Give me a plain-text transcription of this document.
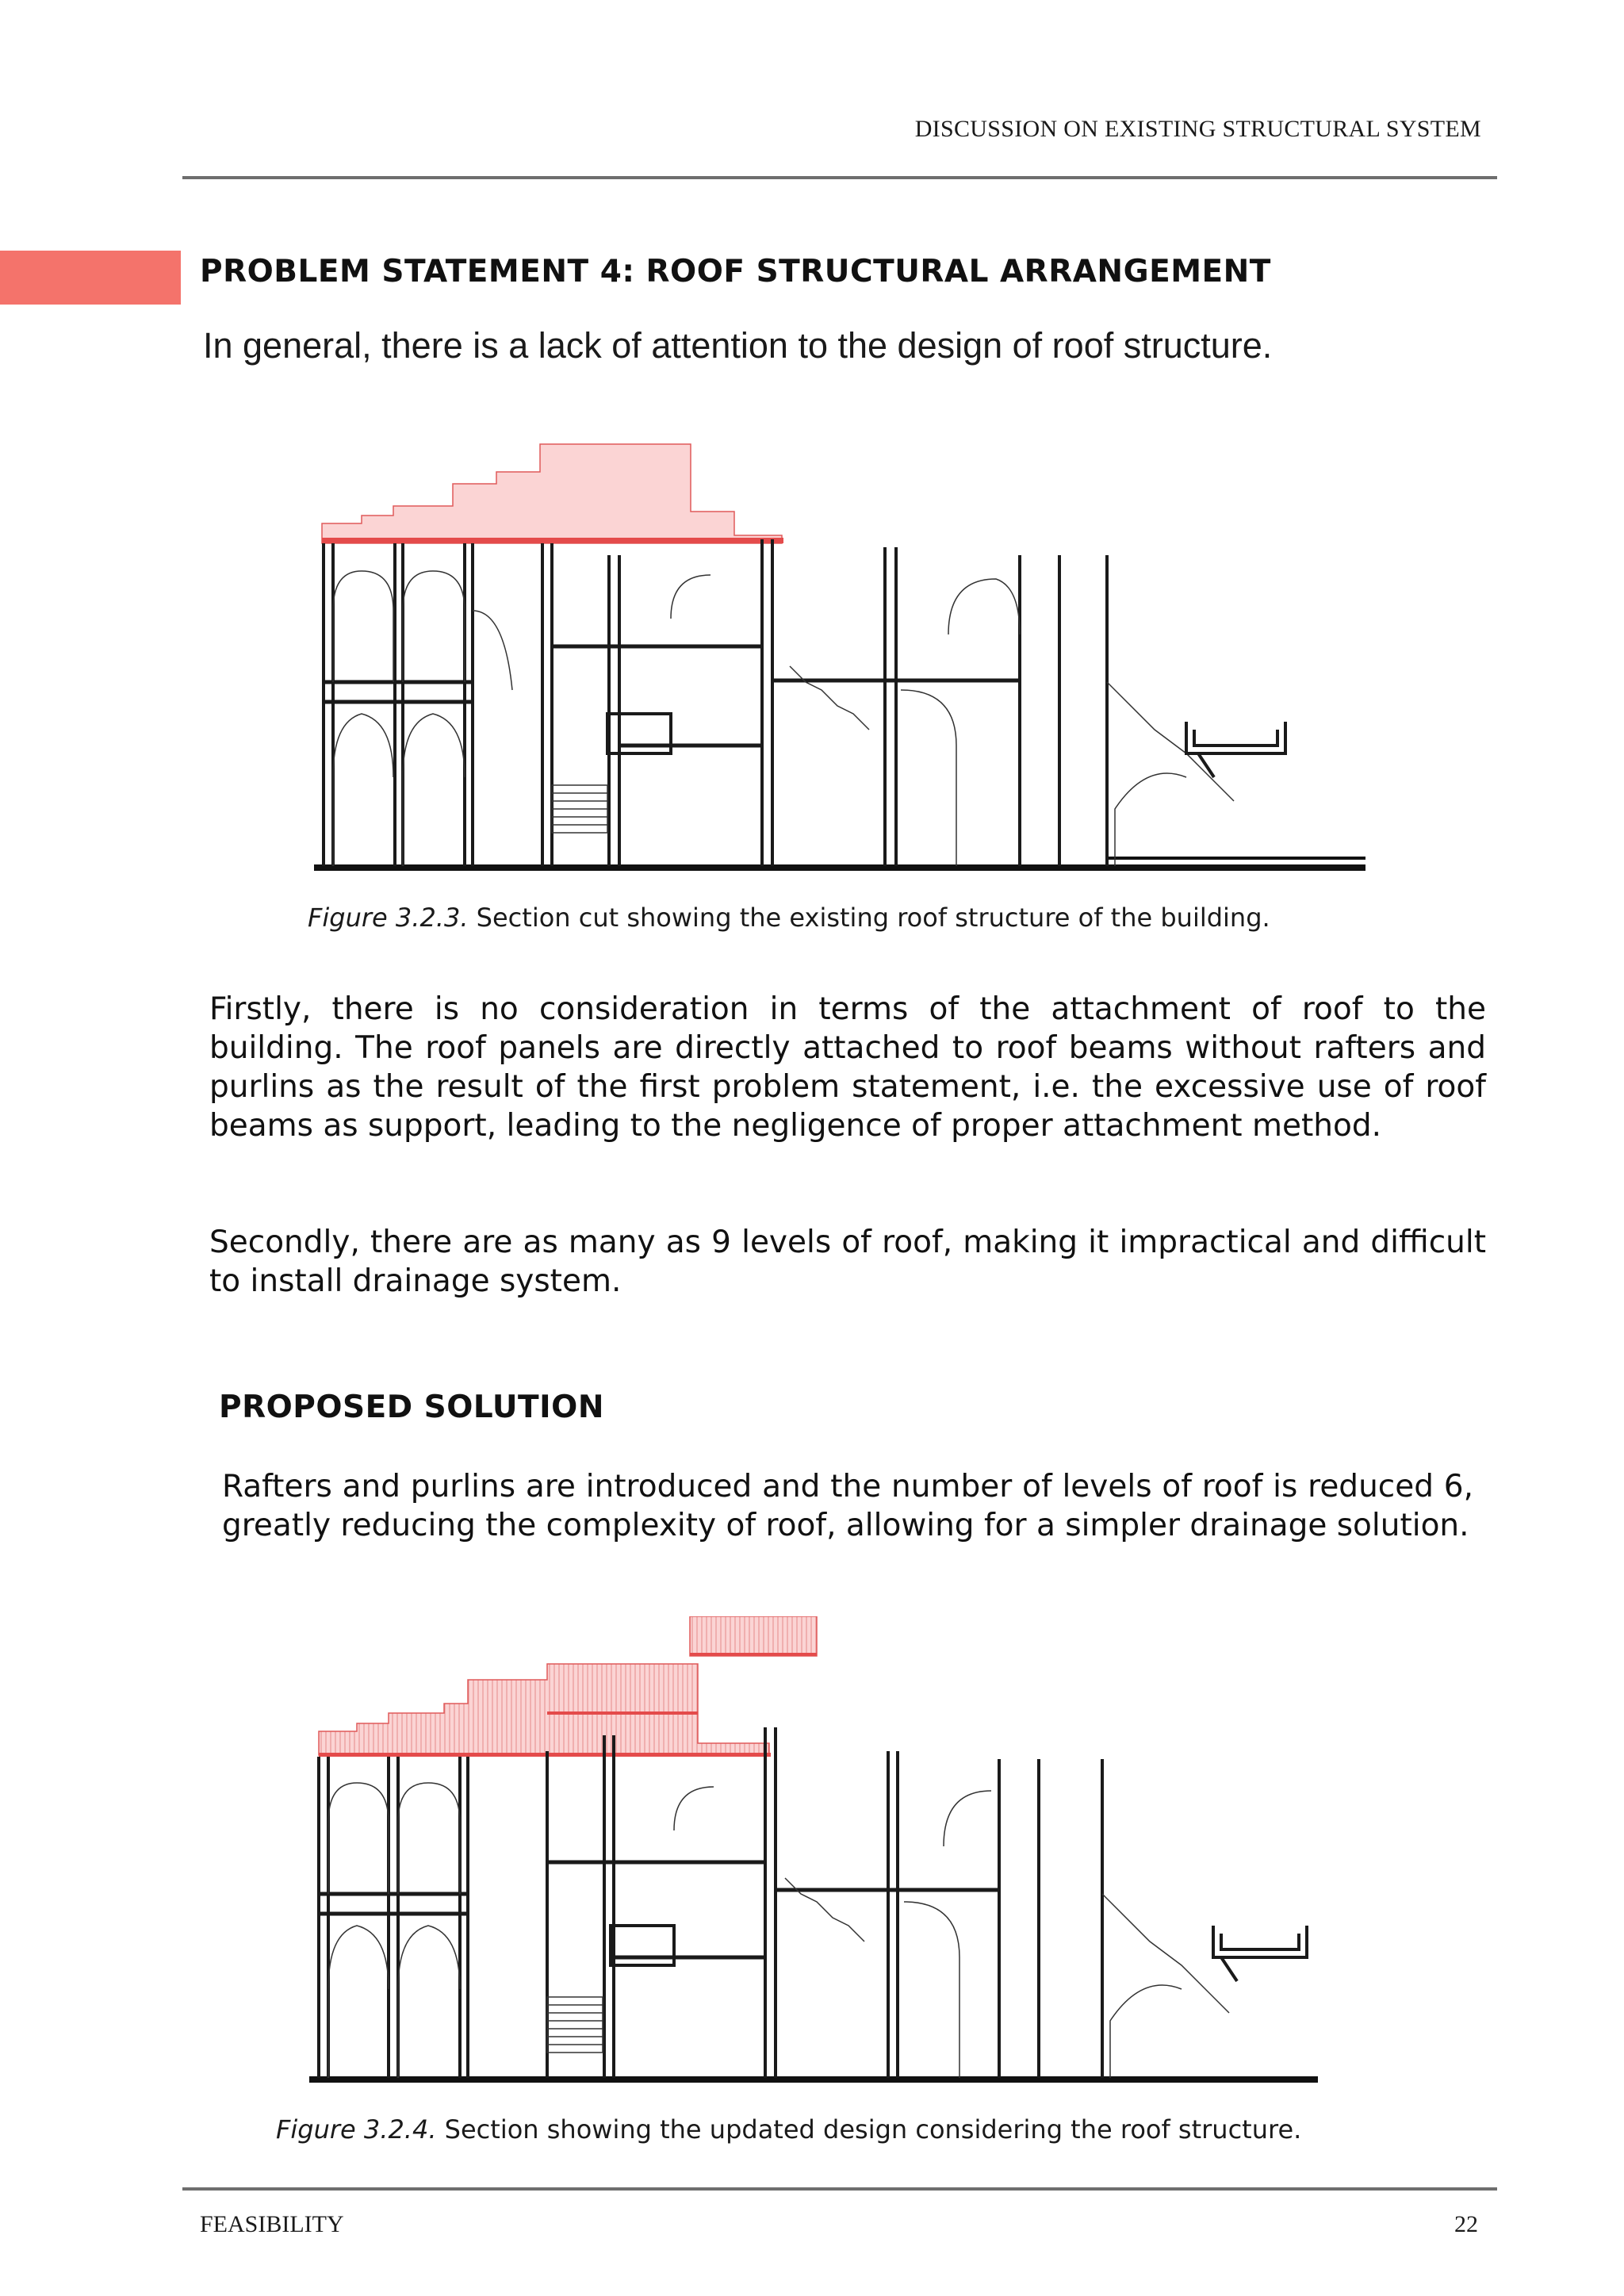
DISCUSSION ON EXISTING STRUCTURAL SYSTEM
PROBLEM STATEMENT 4: ROOF STRUCTURAL ARRANGEMENT
In general, there is a lack of attention to the design of roof structure.
Figure 3.2.3. Section cut showing the existing roof structure of the building.
Firstly, there is no consideration in terms of the attachment of roof to the building. The roof panels are directly attached to roof beams without rafters and purlins as the result of the first problem statement, i.e. the excessive use of roof beams as support, leading to the negligence of proper attachment method.
Secondly, there are as many as 9 levels of roof, making it impractical and difficult to install drainage system.
PROPOSED SOLUTION
Rafters and purlins are introduced and the number of levels of roof is reduced 6, greatly reducing the complexity of roof, allowing for a simpler drainage solution.
Figure 3.2.4. Section showing the updated design considering the roof structure.
FEASIBILITY	22
